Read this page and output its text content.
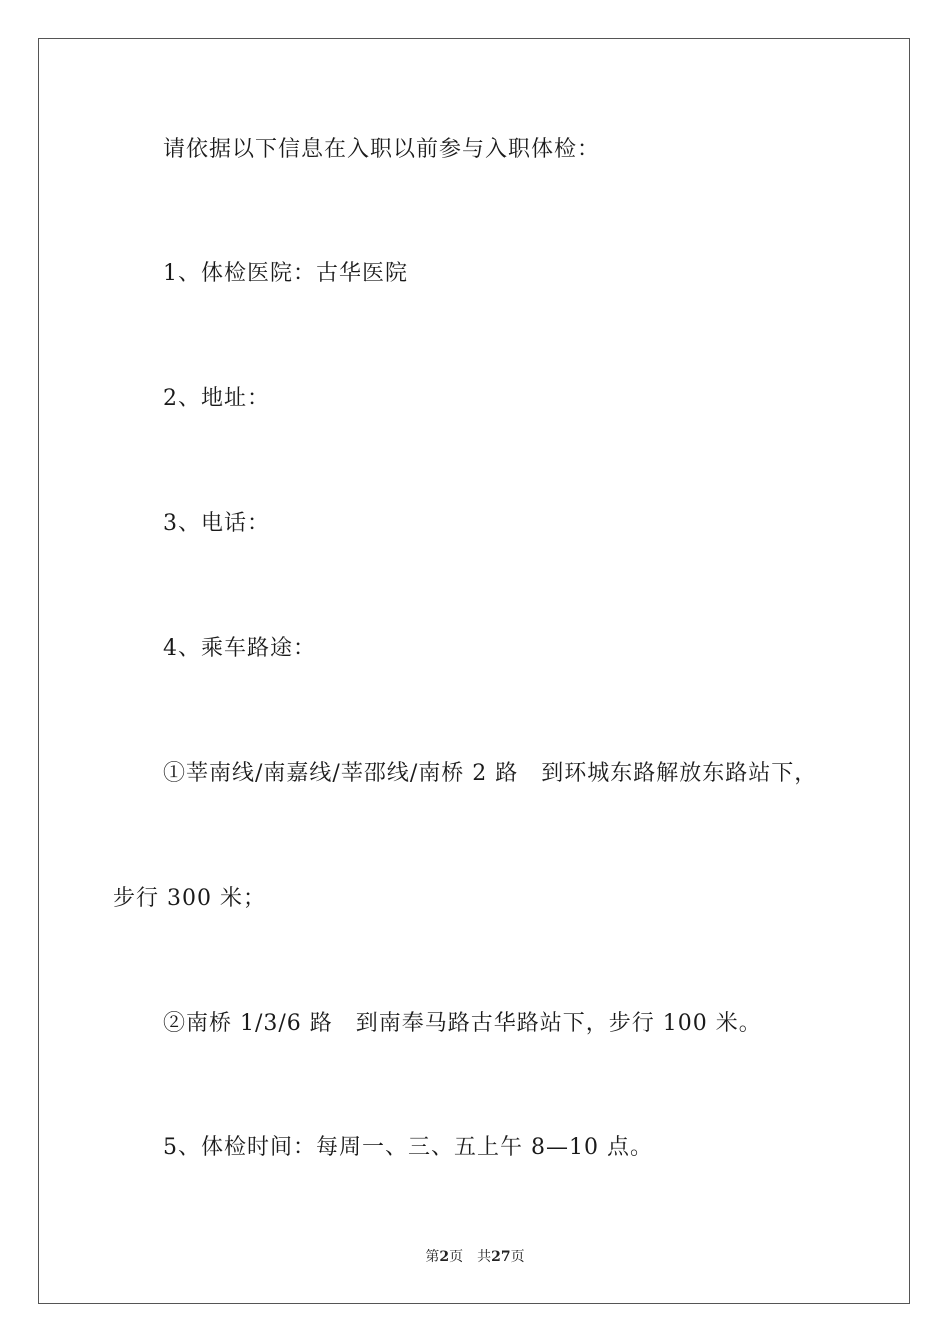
请依据以下信息在入职以前参与入职体检：
1、体检医院：古华医院
2、地址：
3、电话：
4、乘车路途：
①莘南线/南嘉线/莘邵线/南桥 2 路　到环城东路解放东路站下，
步行 300 米；
②南桥 1/3/6 路　到南奉马路古华路站下，步行 100 米。
5、体检时间：每周一、三、五上午 8—10 点。
第2页 共27页
